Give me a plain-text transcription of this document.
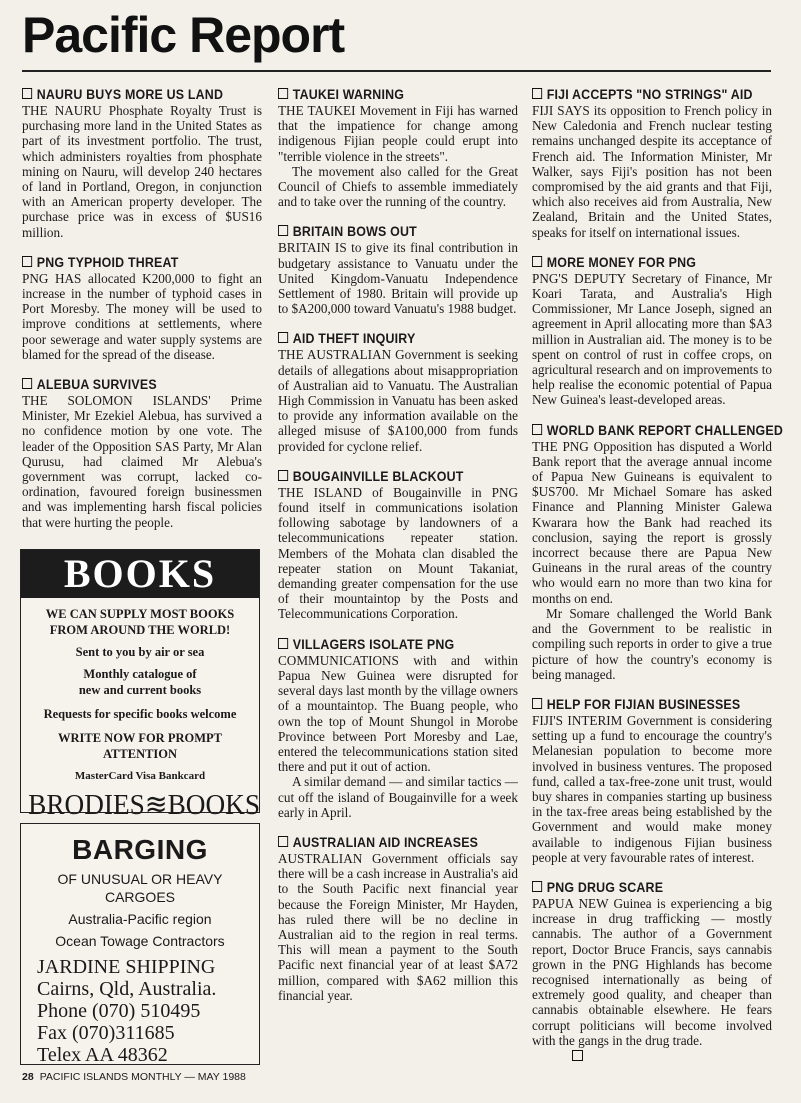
Pacific Report
NAURU BUYS MORE US LAND

THE NAURU Phosphate Royalty Trust is purchasing more land in the United States as part of its investment portfolio. The trust, which administers royalties from phosphate mining on Nauru, will develop 240 hectares of land in Portland, Oregon, in conjunction with an American property developer. The purchase price was in excess of $US16 million.

PNG TYPHOID THREAT

PNG HAS allocated K200,000 to fight an increase in the number of typhoid cases in Port Moresby. The money will be used to improve conditions at settlements, where poor sewerage and water supply systems are blamed for the spread of the disease.

ALEBUA SURVIVES

THE SOLOMON ISLANDS' Prime Minister, Mr Ezekiel Alebua, has survived a no confidence motion by one vote. The leader of the Opposition SAS Party, Mr Alan Qurusu, had claimed Mr Alebua's government was corrupt, lacked co-ordination, favoured foreign businessmen and was implementing harsh fiscal policies that were hurting the people.

TAUKEI WARNING

THE TAUKEI Movement in Fiji has warned that the impatience for change among indigenous Fijian people could erupt into "terrible violence in the streets".

The movement also called for the Great Council of Chiefs to assemble immediately and to take over the running of the country.

BRITAIN BOWS OUT

BRITAIN IS to give its final contribution in budgetary assistance to Vanuatu under the United Kingdom-Vanuatu Independence Settlement of 1980. Britain will provide up to $A200,000 toward Vanuatu's 1988 budget.

AID THEFT INQUIRY

THE AUSTRALIAN Government is seeking details of allegations about misappropriation of Australian aid to Vanuatu. The Australian High Commission in Vanuatu has been asked to provide any information available on the alleged misuse of $A100,000 from funds provided for cyclone relief.

BOUGAINVILLE BLACKOUT

THE ISLAND of Bougainville in PNG found itself in communications isolation following sabotage by landowners of a telecommunications repeater station. Members of the Mohata clan disabled the repeater station on Mount Takaniat, demanding greater compensation for the use of their mountaintop by the Posts and Telecommunications Corporation.

VILLAGERS ISOLATE PNG

COMMUNICATIONS with and within Papua New Guinea were disrupted for several days last month by the village owners of a mountaintop. The Buang people, who own the top of Mount Shungol in Morobe Province between Port Moresby and Lae, entered the telecommunications station sited there and put it out of action.

A similar demand — and similar tactics — cut off the island of Bougainville for a week early in April.

AUSTRALIAN AID INCREASES

AUSTRALIAN Government officials say there will be a cash increase in Australia's aid to the South Pacific next financial year because the Foreign Minister, Mr Hayden, has ruled there will be no decline in Australian aid to the region in real terms. This will mean a payment to the South Pacific next financial year of at least $A72 million, compared with $A62 million this financial year.

FIJI ACCEPTS "NO STRINGS" AID

FIJI SAYS its opposition to French policy in New Caledonia and French nuclear testing remains unchanged despite its acceptance of French aid. The Information Minister, Mr Walker, says Fiji's position has not been compromised by the aid grants and that Fiji, which also receives aid from Australia, New Zealand, Britain and the United States, speaks for itself on international issues.

MORE MONEY FOR PNG

PNG'S DEPUTY Secretary of Finance, Mr Koari Tarata, and Australia's High Commissioner, Mr Lance Joseph, signed an agreement in April allocating more than $A3 million in Australian aid. The money is to be spent on control of rust in coffee crops, on agricultural research and on improvements to help realise the economic potential of Papua New Guinea's least-developed areas.

WORLD BANK REPORT CHALLENGED

THE PNG Opposition has disputed a World Bank report that the average annual income of Papua New Guineans is equivalent to $US700. Mr Michael Somare has asked Finance and Planning Minister Galewa Kwarara how the Bank had reached its conclusion, saying the report is grossly incorrect because there are Papua New Guineans in the rural areas of the country who would earn no more than two kina for months on end.

Mr Somare challenged the World Bank and the Government to be realistic in compiling such reports in order to give a true picture of how the country's economy is being managed.

HELP FOR FIJIAN BUSINESSES

FIJI'S INTERIM Government is considering setting up a fund to encourage the country's Melanesian population to become more involved in business ventures. The proposed fund, called a tax-free-zone unit trust, would buy shares in companies starting up business in the tax-free areas being established by the Government and would make money available to indigenous Fijian business people at very favourable rates of interest.

PNG DRUG SCARE

PAPUA NEW Guinea is experiencing a big increase in drug trafficking — mostly cannabis. The author of a Government report, Doctor Bruce Francis, says cannabis grown in the PNG Highlands has become recognised internationally as being of extremely good quality, and cheaper than cannabis obtainable elsewhere. He fears corrupt politicians will become involved with the gangs in the drug trade.

BOOKS

WE CAN SUPPLY MOST BOOKS

FROM AROUND THE WORLD!

Sent to you by air or sea

Monthly catalogue of

new and current books

Requests for specific books welcome

WRITE NOW FOR PROMPT ATTENTION

MasterCard Visa Bankcard

BRODIES≋BOOKS
BARGING
OF UNUSUAL OR HEAVY
CARGOES
Australia-Pacific region
Ocean Towage Contractors
JARDINE SHIPPING
Cairns, Qld, Australia.
Phone (070) 510495
Fax (070)311685
Telex AA 48362
28 PACIFIC ISLANDS MONTHLY — MAY 1988
